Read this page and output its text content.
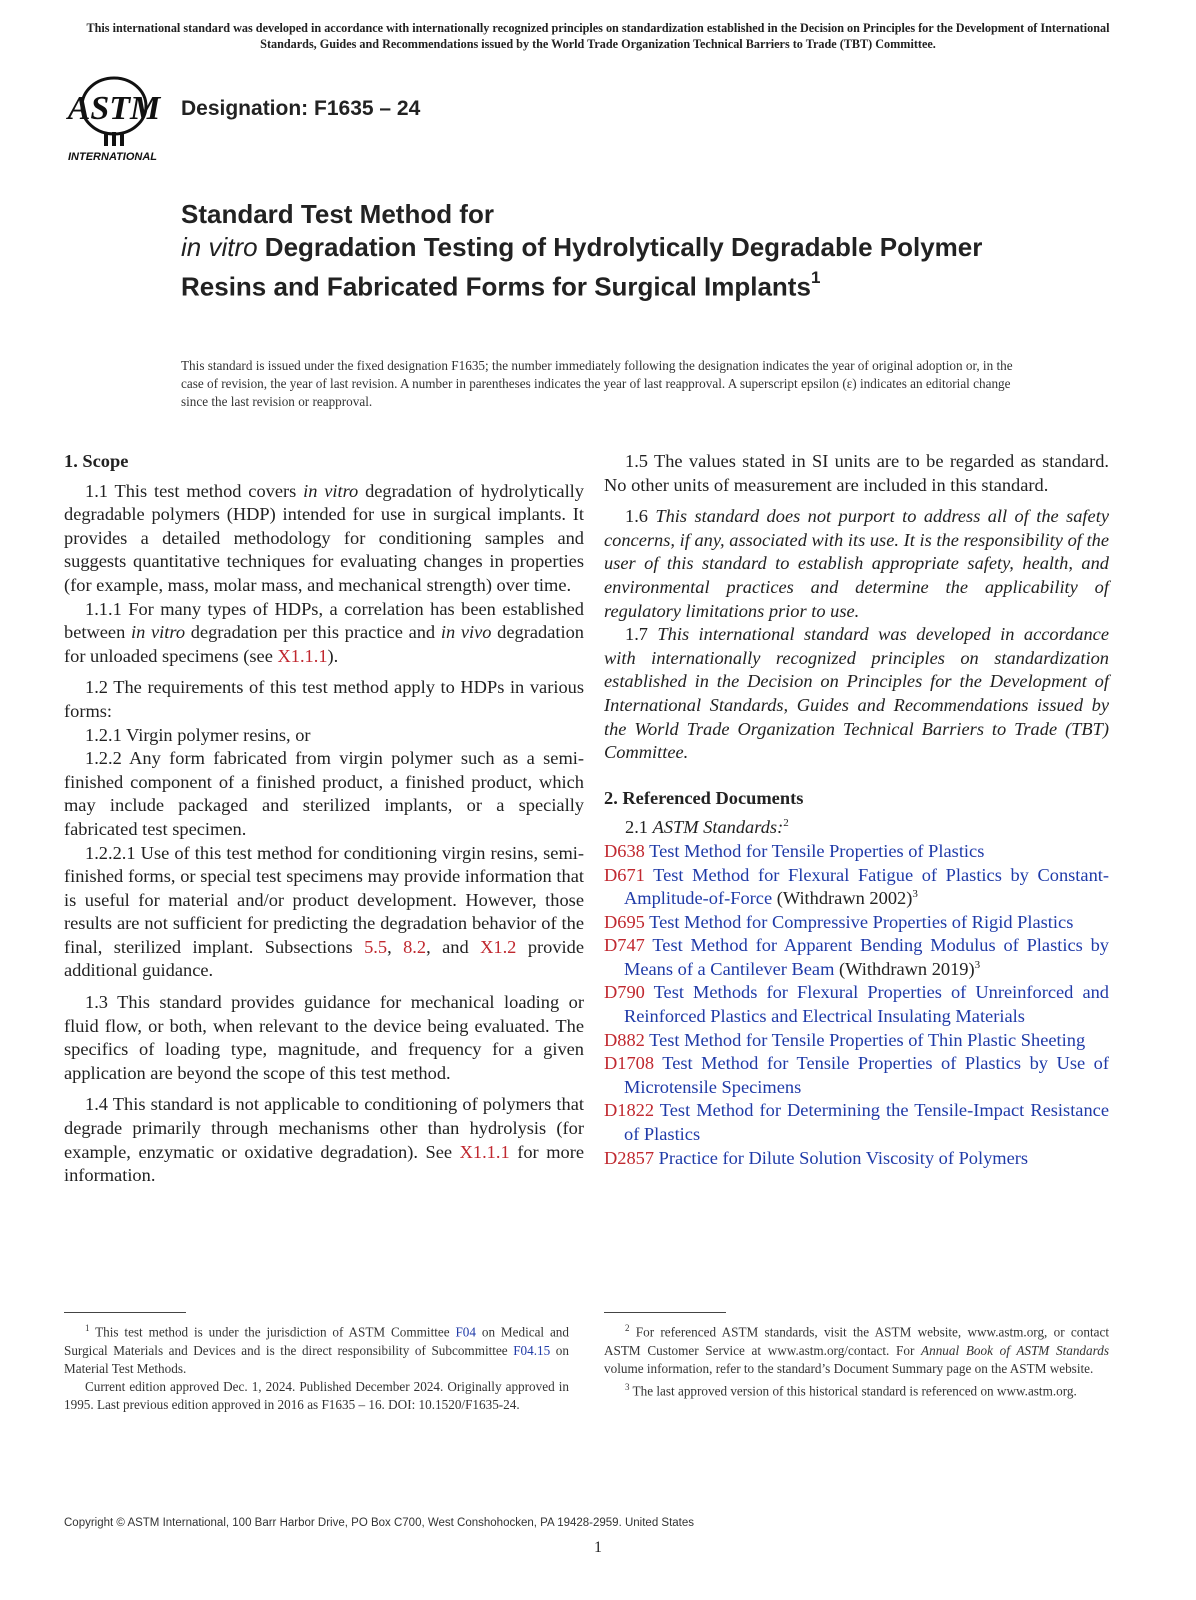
This international standard was developed in accordance with internationally recognized principles on standardization established in the Decision on Principles for the Development of International Standards, Guides and Recommendations issued by the World Trade Organization Technical Barriers to Trade (TBT) Committee.
ASTM
INTERNATIONAL
Designation: F1635 – 24
Standard Test Method for
in vitro Degradation Testing of Hydrolytically Degradable Polymer Resins and Fabricated Forms for Surgical Implants$^1$
This standard is issued under the fixed designation F1635; the number immediately following the designation indicates the year of original adoption or, in the case of revision, the year of last revision. A number in parentheses indicates the year of last reapproval. A superscript epsilon (ε) indicates an editorial change since the last revision or reapproval.
1. Scope

1.1 This test method covers in vitro degradation of hydrolytically degradable polymers (HDP) intended for use in surgical implants. It provides a detailed methodology for conditioning samples and suggests quantitative techniques for evaluating changes in properties (for example, mass, molar mass, and mechanical strength) over time.

1.1.1 For many types of HDPs, a correlation has been established between in vitro degradation per this practice and in vivo degradation for unloaded specimens (see X1.1.1).

1.2 The requirements of this test method apply to HDPs in various forms:

1.2.1 Virgin polymer resins, or

1.2.2 Any form fabricated from virgin polymer such as a semi-finished component of a finished product, a finished product, which may include packaged and sterilized implants, or a specially fabricated test specimen.

1.2.2.1 Use of this test method for conditioning virgin resins, semi-finished forms, or special test specimens may provide information that is useful for material and/or product development. However, those results are not sufficient for predicting the degradation behavior of the final, sterilized implant. Subsections 5.5, 8.2, and X1.2 provide additional guidance.

1.3 This standard provides guidance for mechanical loading or fluid flow, or both, when relevant to the device being evaluated. The specifics of loading type, magnitude, and frequency for a given application are beyond the scope of this test method.

1.4 This standard is not applicable to conditioning of polymers that degrade primarily through mechanisms other than hydrolysis (for example, enzymatic or oxidative degradation). See X1.1.1 for more information.

1.5 The values stated in SI units are to be regarded as standard. No other units of measurement are included in this standard.

1.6 This standard does not purport to address all of the safety concerns, if any, associated with its use. It is the responsibility of the user of this standard to establish appropriate safety, health, and environmental practices and determine the applicability of regulatory limitations prior to use.

1.7 This international standard was developed in accordance with internationally recognized principles on standardization established in the Decision on Principles for the Development of International Standards, Guides and Recommendations issued by the World Trade Organization Technical Barriers to Trade (TBT) Committee.

2. Referenced Documents

2.1 ASTM Standards:$^2$

D638 Test Method for Tensile Properties of Plastics

D671 Test Method for Flexural Fatigue of Plastics by Constant-Amplitude-of-Force (Withdrawn 2002)$^3$

D695 Test Method for Compressive Properties of Rigid Plastics

D747 Test Method for Apparent Bending Modulus of Plastics by Means of a Cantilever Beam (Withdrawn 2019)$^3$

D790 Test Methods for Flexural Properties of Unreinforced and Reinforced Plastics and Electrical Insulating Materials

D882 Test Method for Tensile Properties of Thin Plastic Sheeting

D1708 Test Method for Tensile Properties of Plastics by Use of Microtensile Specimens

D1822 Test Method for Determining the Tensile-Impact Resistance of Plastics

D2857 Practice for Dilute Solution Viscosity of Polymers

$^1$ This test method is under the jurisdiction of ASTM Committee F04 on Medical and Surgical Materials and Devices and is the direct responsibility of Subcommittee F04.15 on Material Test Methods.

Current edition approved Dec. 1, 2024. Published December 2024. Originally approved in 1995. Last previous edition approved in 2016 as F1635 – 16. DOI: 10.1520/F1635-24.

$^2$ For referenced ASTM standards, visit the ASTM website, www.astm.org, or contact ASTM Customer Service at www.astm.org/contact. For Annual Book of ASTM Standards volume information, refer to the standard’s Document Summary page on the ASTM website.

$^3$ The last approved version of this historical standard is referenced on www.astm.org.

Copyright © ASTM International, 100 Barr Harbor Drive, PO Box C700, West Conshohocken, PA 19428-2959. United States
1
